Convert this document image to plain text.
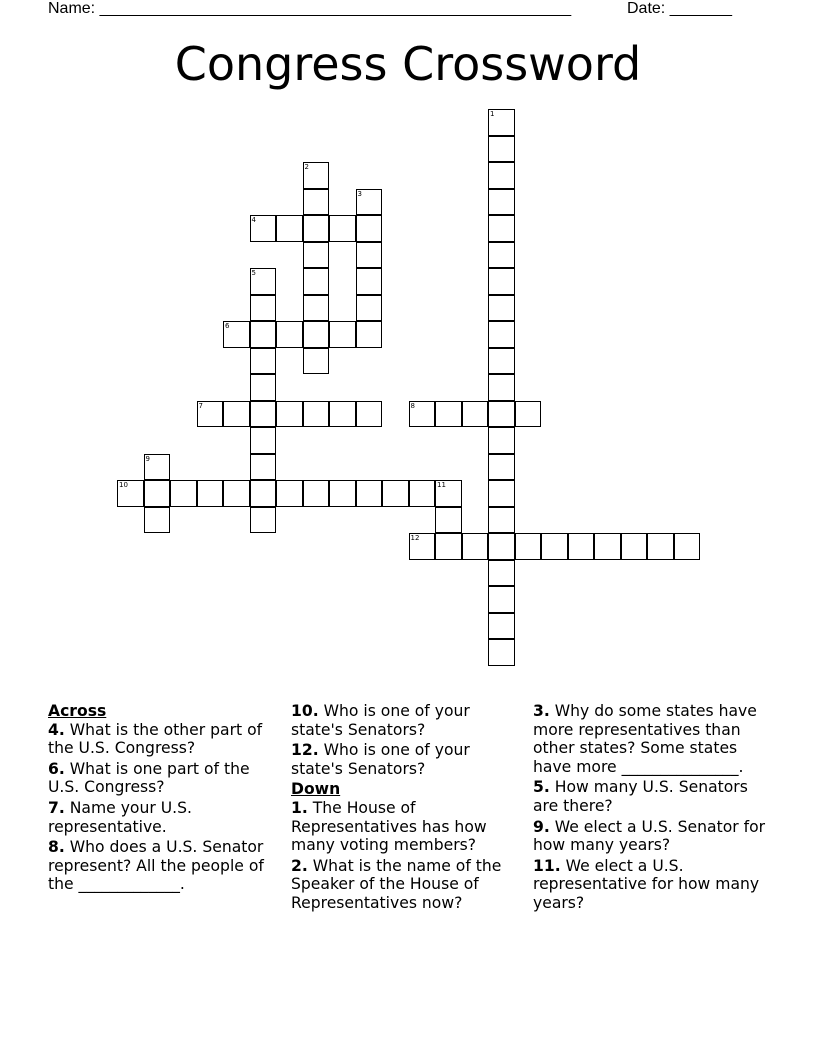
Name: _____________________________________________________	Date: _______
Congress Crossword
1
2
3
4
5
6
7	8
9
10	11
12
Across
4. What is the other part of the U.S. Congress?
6. What is one part of the U.S. Congress?
7. Name your U.S. representative.
8. Who does a U.S. Senator represent? All the people of the _____________.
10. Who is one of your state's Senators?
12. Who is one of your state's Senators?
Down
1. The House of Representatives has how many voting members?
2. What is the name of the Speaker of the House of Representatives now?
3. Why do some states have more representatives than other states? Some states have more _______________.
5. How many U.S. Senators are there?
9. We elect a U.S. Senator for how many years?
11. We elect a U.S. representative for how many years?
